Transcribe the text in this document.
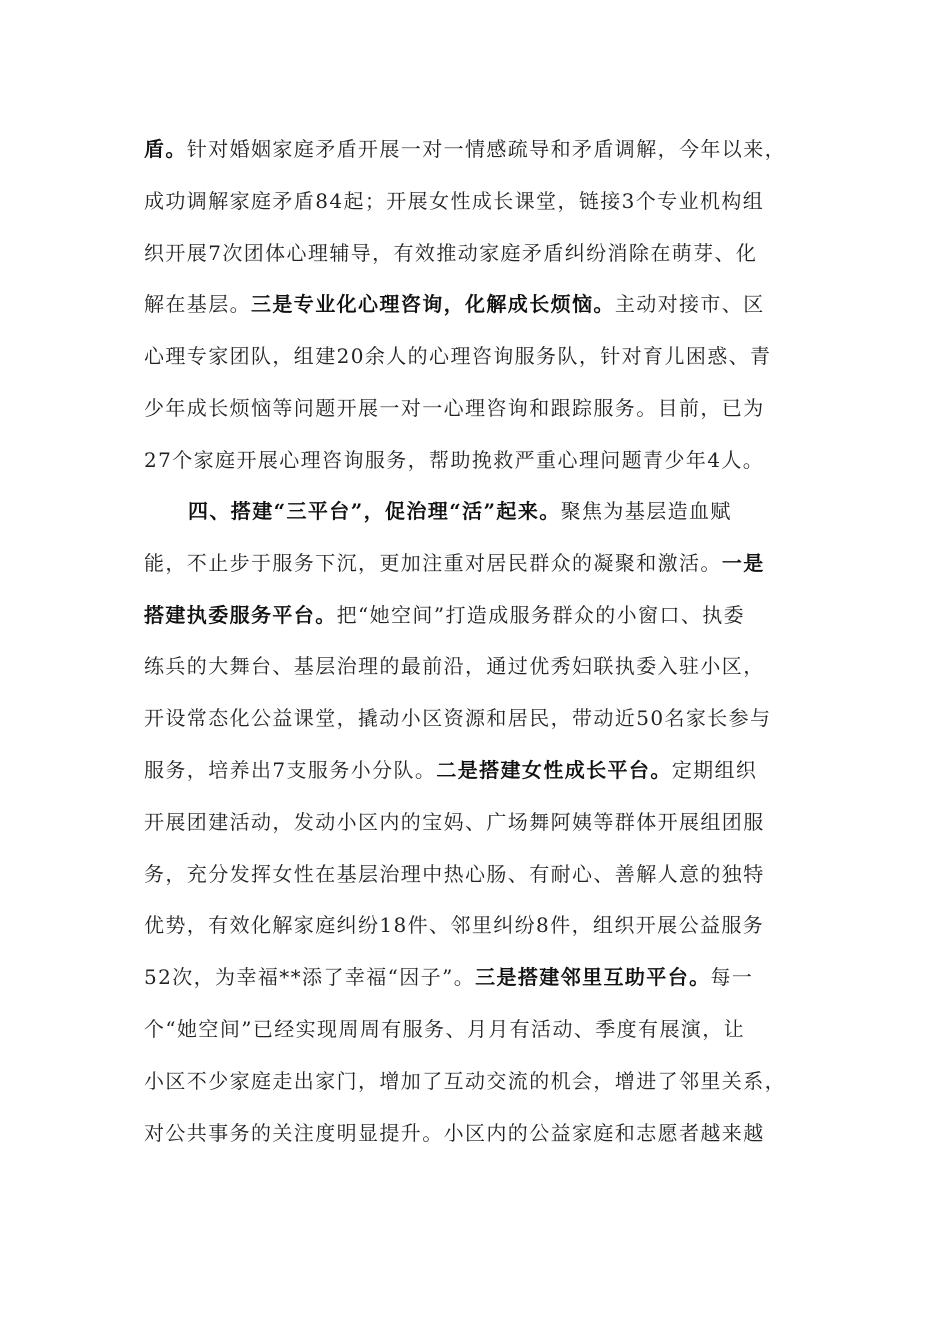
盾。针对婚姻家庭矛盾开展一对一情感疏导和矛盾调解，今年以来，
成功调解家庭矛盾84起；开展女性成长课堂，链接3个专业机构组
织开展7次团体心理辅导，有效推动家庭矛盾纠纷消除在萌芽、化
解在基层。三是专业化心理咨询，化解成长烦恼。主动对接市、区
心理专家团队，组建20余人的心理咨询服务队，针对育儿困惑、青
少年成长烦恼等问题开展一对一心理咨询和跟踪服务。目前，已为
27个家庭开展心理咨询服务，帮助挽救严重心理问题青少年4人。
四、搭建“三平台”，促治理“活”起来。聚焦为基层造血赋
能，不止步于服务下沉，更加注重对居民群众的凝聚和激活。一是
搭建执委服务平台。把“她空间”打造成服务群众的小窗口、执委
练兵的大舞台、基层治理的最前沿，通过优秀妇联执委入驻小区，
开设常态化公益课堂，撬动小区资源和居民，带动近50名家长参与
服务，培养出7支服务小分队。二是搭建女性成长平台。定期组织
开展团建活动，发动小区内的宝妈、广场舞阿姨等群体开展组团服
务，充分发挥女性在基层治理中热心肠、有耐心、善解人意的独特
优势，有效化解家庭纠纷18件、邻里纠纷8件，组织开展公益服务
52次，为幸福**添了幸福“因子”。三是搭建邻里互助平台。每一
个“她空间”已经实现周周有服务、月月有活动、季度有展演，让
小区不少家庭走出家门，增加了互动交流的机会，增进了邻里关系，
对公共事务的关注度明显提升。小区内的公益家庭和志愿者越来越
